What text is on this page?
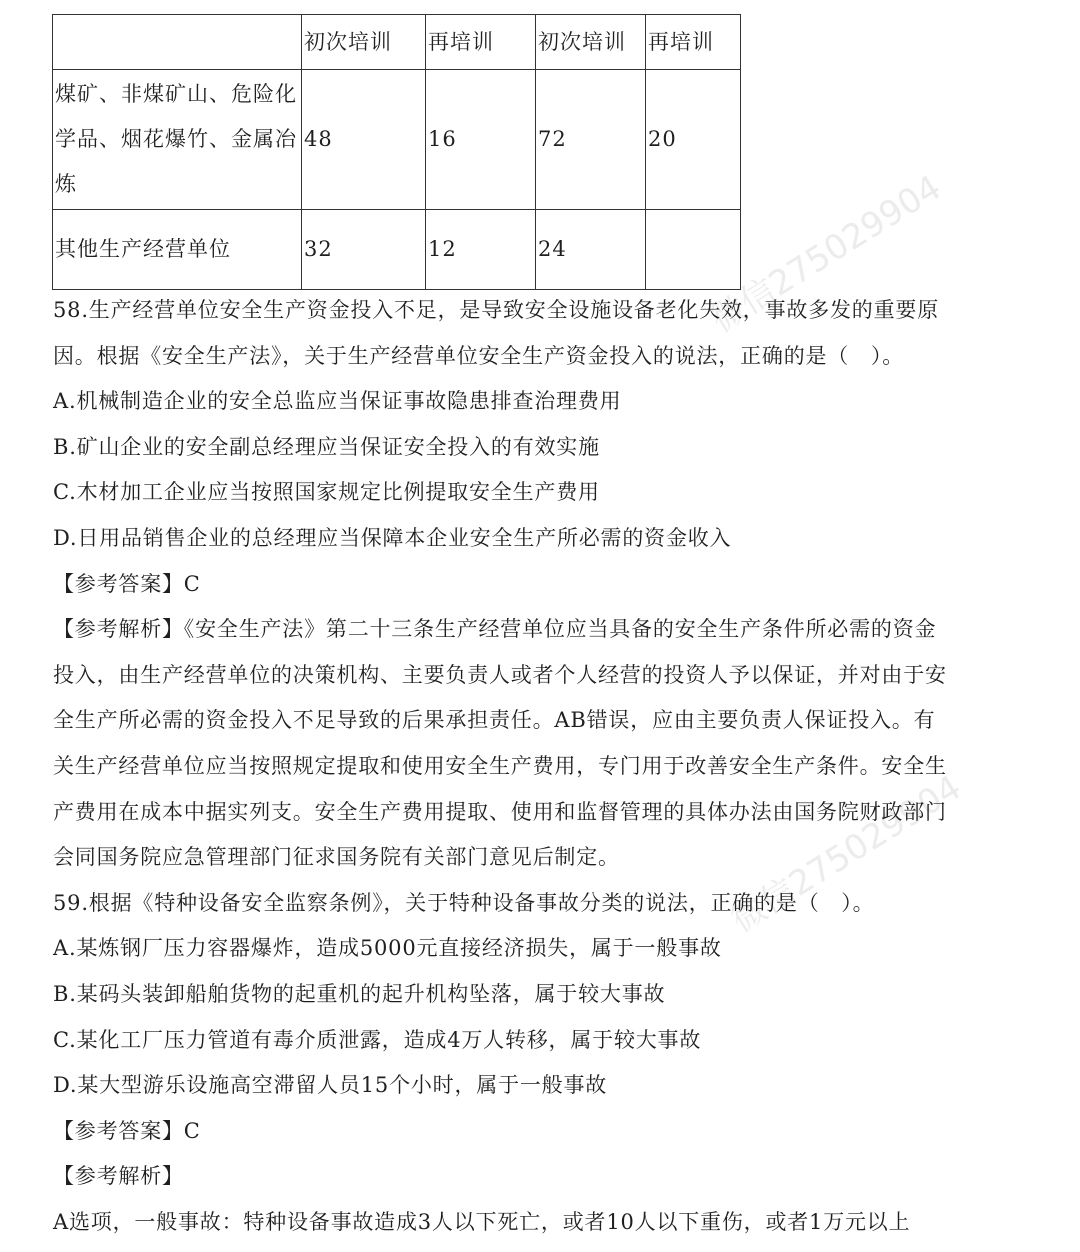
微信275029904
微信275029904
	初次培训	再培训	初次培训	再培训
煤矿、非煤矿山、危险化学品、烟花爆竹、金属冶炼	48	16	72	20
其他生产经营单位	32	12	24	
58.生产经营单位安全生产资金投入不足，是导致安全设施设备老化失效，事故多发的重要原
因。根据《安全生产法》，关于生产经营单位安全生产资金投入的说法，正确的是（　）。
A.机械制造企业的安全总监应当保证事故隐患排查治理费用
B.矿山企业的安全副总经理应当保证安全投入的有效实施
C.木材加工企业应当按照国家规定比例提取安全生产费用
D.日用品销售企业的总经理应当保障本企业安全生产所必需的资金收入
【参考答案】C
【参考解析】《安全生产法》第二十三条生产经营单位应当具备的安全生产条件所必需的资金
投入，由生产经营单位的决策机构、主要负责人或者个人经营的投资人予以保证，并对由于安
全生产所必需的资金投入不足导致的后果承担责任。AB错误，应由主要负责人保证投入。有
关生产经营单位应当按照规定提取和使用安全生产费用，专门用于改善安全生产条件。安全生
产费用在成本中据实列支。安全生产费用提取、使用和监督管理的具体办法由国务院财政部门
会同国务院应急管理部门征求国务院有关部门意见后制定。
59.根据《特种设备安全监察条例》，关于特种设备事故分类的说法，正确的是（　）。
A.某炼钢厂压力容器爆炸，造成5000元直接经济损失，属于一般事故
B.某码头装卸船舶货物的起重机的起升机构坠落，属于较大事故
C.某化工厂压力管道有毒介质泄露，造成4万人转移，属于较大事故
D.某大型游乐设施高空滞留人员15个小时，属于一般事故
【参考答案】C
【参考解析】
A选项，一般事故：特种设备事故造成3人以下死亡，或者10人以下重伤，或者1万元以上
